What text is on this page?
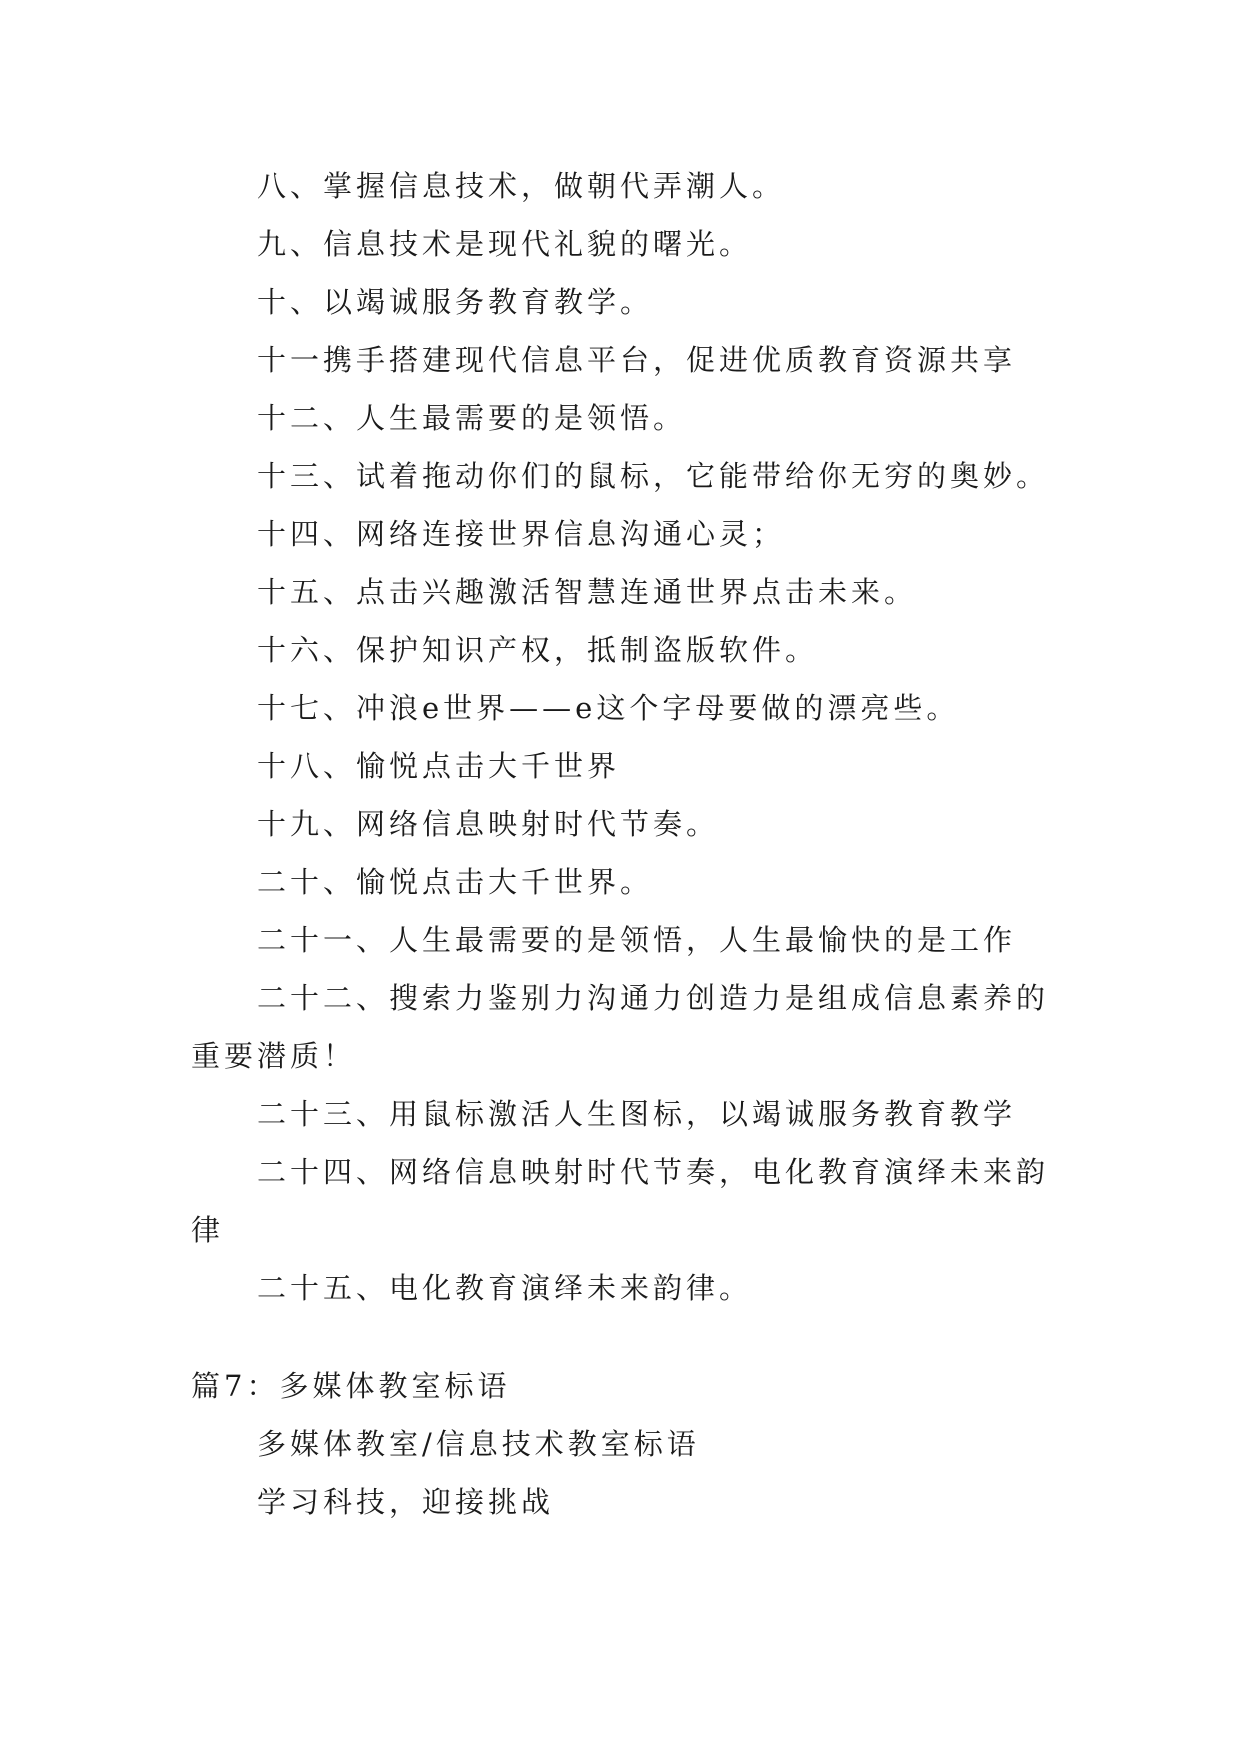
八、掌握信息技术，做朝代弄潮人。

九、信息技术是现代礼貌的曙光。

十、以竭诚服务教育教学。

十一携手搭建现代信息平台，促进优质教育资源共享

十二、人生最需要的是领悟。

十三、试着拖动你们的鼠标，它能带给你无穷的奥妙。

十四、网络连接世界信息沟通心灵；

十五、点击兴趣激活智慧连通世界点击未来。

十六、保护知识产权，抵制盗版软件。

十七、冲浪e世界——e这个字母要做的漂亮些。

十八、愉悦点击大千世界

十九、网络信息映射时代节奏。

二十、愉悦点击大千世界。

二十一、人生最需要的是领悟，人生最愉快的是工作

二十二、搜索力鉴别力沟通力创造力是组成信息素养的重要潜质！

二十三、用鼠标激活人生图标，以竭诚服务教育教学

二十四、网络信息映射时代节奏，电化教育演绎未来韵律

二十五、电化教育演绎未来韵律。

篇7：多媒体教室标语

多媒体教室/信息技术教室标语

学习科技，迎接挑战
